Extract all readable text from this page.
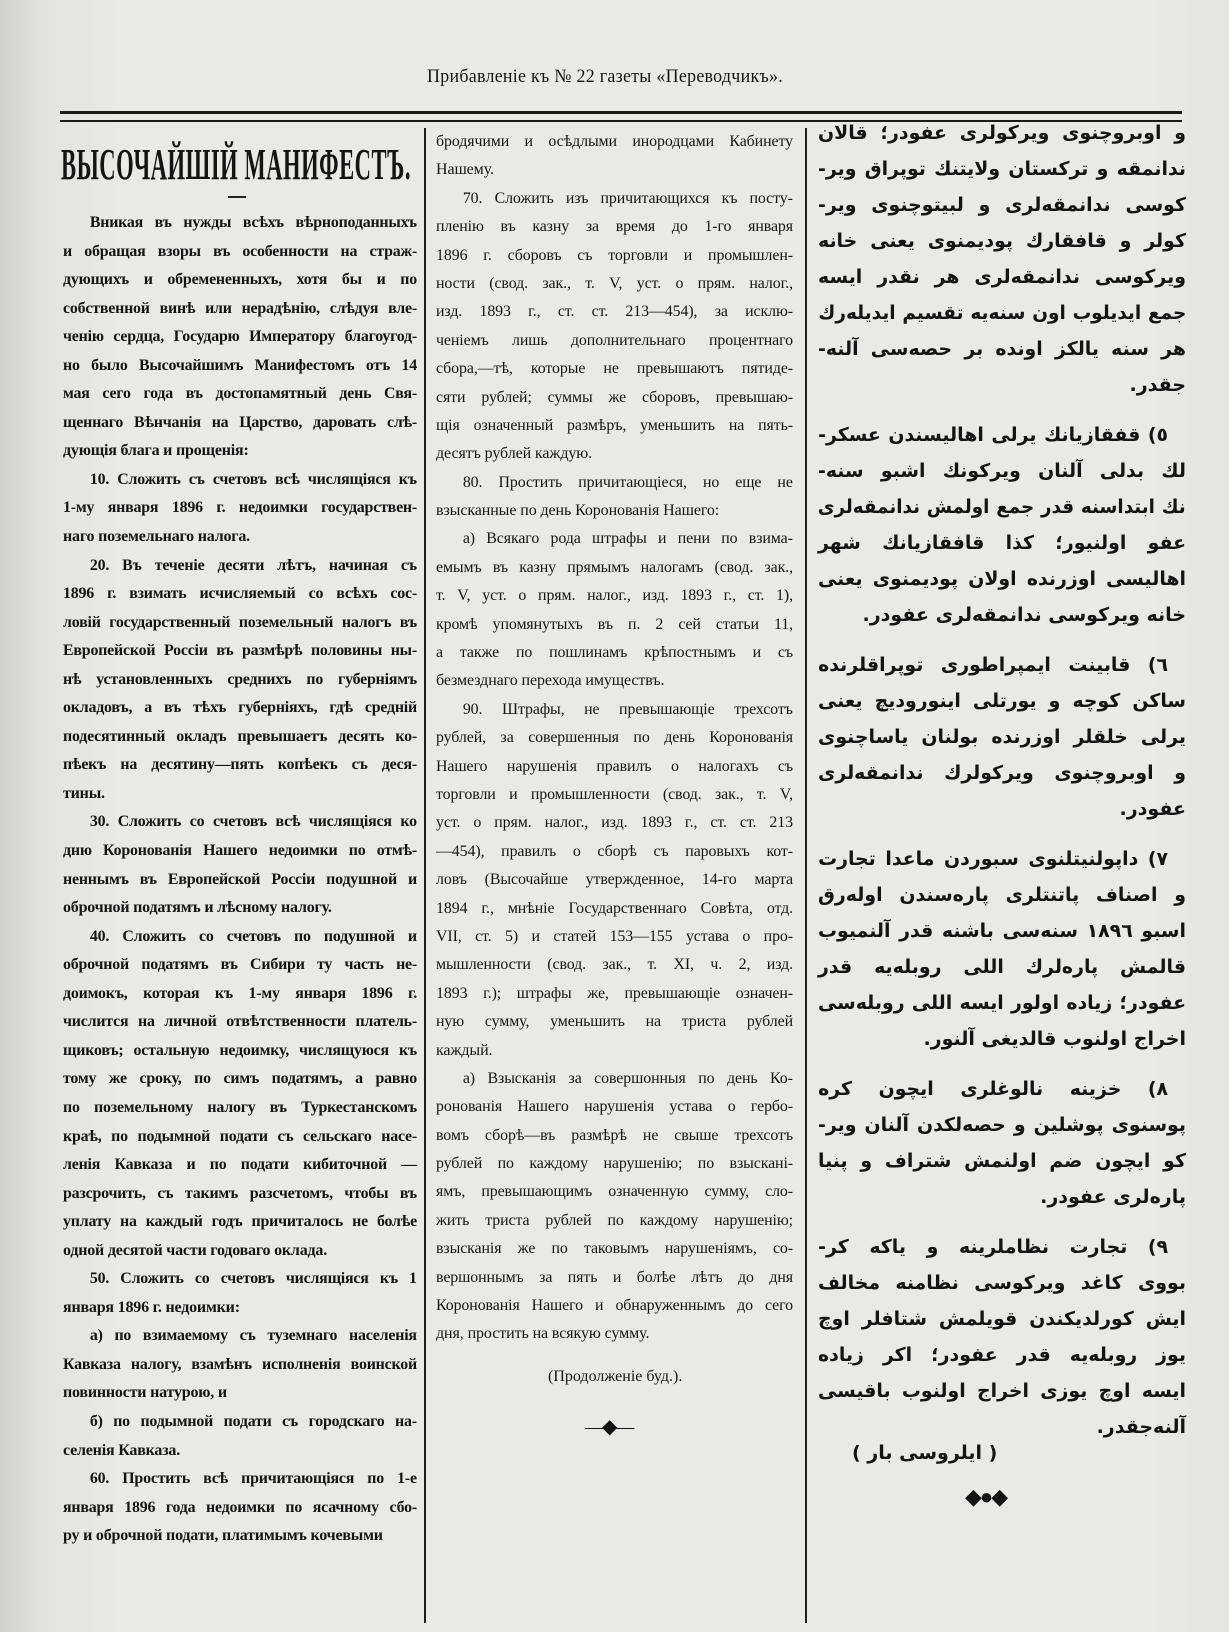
Прибавленіе къ № 22 газеты «Переводчикъ».
ВЫСОЧАЙШІЙ МАНИФЕСТЪ.
Вникая въ нужды всѣхъ вѣрноподанныхъ
и обращая взоры въ особенности на страж-
дующихъ и обремененныхъ, хотя бы и по
собственной винѣ или нерадѣнію, слѣдуя вле-
ченію сердца, Государю Императору благоугод-
но было Высочайшимъ Манифестомъ отъ 14
мая сего года въ достопамятный день Свя-
щеннаго Вѣнчанія на Царство, даровать слѣ-
дующія блага и прощенія:
10. Сложить съ счетовъ всѣ числящіяся къ
1-му января 1896 г. недоимки государствен-
наго поземельнаго налога.
20. Въ теченіе десяти лѣтъ, начиная съ
1896 г. взимать исчисляемый со всѣхъ сос-
ловій государственный поземельный налогъ въ
Европейской Россіи въ размѣрѣ половины ны-
нѣ установленныхъ среднихъ по губерніямъ
окладовъ, а въ тѣхъ губерніяхъ, гдѣ средній
подесятинный окладъ превышаетъ десять ко-
пѣекъ на десятину—пять копѣекъ съ деся-
тины.
30. Сложить со счетовъ всѣ числящіяся ко
дню Коронованія Нашего недоимки по отмѣ-
неннымъ въ Европейской Россіи подушной и
оброчной податямъ и лѣсному налогу.
40. Сложить со счетовъ по подушной и
оброчной податямъ въ Сибири ту часть не-
доимокъ, которая къ 1-му января 1896 г.
числится на личной отвѣтственности платель-
щиковъ; остальную недоимку, числящуюся къ
тому же сроку, по симъ податямъ, а равно
по поземельному налогу въ Туркестанскомъ
краѣ, по подымной подати съ сельскаго насе-
ленія Кавказа и по подати кибиточной —
разсрочить, съ такимъ разсчетомъ, чтобы въ
уплату на каждый годъ причиталось не болѣе
одной десятой части годоваго оклада.
50. Сложить со счетовъ числящіяся къ 1
января 1896 г. недоимки:
а) по взимаемому съ туземнаго населенія
Кавказа налогу, взамѣнъ исполненія воинской
повинности натурою, и
б) по подымной подати съ городскаго на-
селенія Кавказа.
60. Простить всѣ причитающіяся по 1-е
января 1896 года недоимки по ясачному сбо-
ру и оброчной подати, платимымъ кочевыми
бродячими и осѣдлыми инородцами Кабинету
Нашему.
70. Сложить изъ причитающихся къ посту-
пленію въ казну за время до 1-го января
1896 г. сборовъ съ торговли и промышлен-
ности (свод. зак., т. V, уст. о прям. налог.,
изд. 1893 г., ст. ст. 213—454), за исклю-
ченіемъ лишь дополнительнаго процентнаго
сбора,—тѣ, которые не превышаютъ пятиде-
сяти рублей; суммы же сборовъ, превышаю-
щія означенный размѣръ, уменьшить на пять-
десятъ рублей каждую.
80. Простить причитающіеся, но еще не
взысканные по день Коронованія Нашего:
а) Всякаго рода штрафы и пени по взима-
емымъ въ казну прямымъ налогамъ (свод. зак.,
т. V, уст. о прям. налог., изд. 1893 г., ст. 1),
кромѣ упомянутыхъ въ п. 2 сей статьи 11,
а также по пошлинамъ крѣпостнымъ и съ
безмезднаго перехода имуществъ.
90. Штрафы, не превышающіе трехсотъ
рублей, за совершенныя по день Коронованія
Нашего нарушенія правилъ о налогахъ съ
торговли и промышленности (свод. зак., т. V,
уст. о прям. налог., изд. 1893 г., ст. ст. 213
—454), правилъ о сборѣ съ паровыхъ кот-
ловъ (Высочайше утвержденное, 14-го марта
1894 г., мнѣніе Государственнаго Совѣта, отд.
VII, ст. 5) и статей 153—155 устава о про-
мышленности (свод. зак., т. XI, ч. 2, изд.
1893 г.); штрафы же, превышающіе означен-
ную сумму, уменьшить на триста рублей
каждый.
а) Взысканія за совершонныя по день Ко-
ронованія Нашего нарушенія устава о гербо-
вомъ сборѣ—въ размѣрѣ не свыше трехсотъ
рублей по каждому нарушенію; по взыскані-
ямъ, превышающимъ означенную сумму, сло-
жить триста рублей по каждому нарушенію;
взысканія же по таковымъ нарушеніямъ, со-
вершоннымъ за пять и болѣе лѣтъ до дня
Коронованія Нашего и обнаруженнымъ до сего
дня, простить на всякую сумму.
و اوبروچنوی ویرکولری عفودر؛ قالان
ندانمقه و ترکستان ولایتنك توپراق ویر-
کوسی ندانمقەلری و لبیتوچنوی ویر-
کولر و قافقارك پودیمنوی یعنی خانه
ویرکوسی ندانمقەلری هر نقدر ایسه
جمع ایدیلوب اون سنەیه تقسیم ایدیلەرك
هر سنه یالکز اونده بر حصەسی آلنه-
جقدر.
٥) قفقازیانك یرلی اهالیسندن عسکر-
لك بدلی آلنان ویرکونك اشبو سنه-
نك ابتداسنه قدر جمع اولمش ندانمقەلری
عفو اولنیور؛ کذا قافقازیانك شهر
اهالیسی اوزرنده اولان پودیمنوی یعنی
خانه ویرکوسی ندانمقەلری عفودر.
٦) قابینت ایمپراطوری توپراقلرنده
ساکن کوچه و یورتلی اینورودیچ یعنی
یرلی خلقلر اوزرنده بولنان یاساچنوی
و اوبروچنوی ویرکولرك ندانمقەلری
عفودر.
٧) داپولنیتلنوی سبوردن ماعدا تجارت
و اصناف پاتنتلری پارەسندن اولەرق
اسبو ١٨٩٦ سنەسی باشنه قدر آلنمیوب
قالمش پارەلرك اللی روبلەیه قدر
عفودر؛ زیاده اولور ایسه اللی روبلەسی
اخراج اولنوب قالدیغی آلنور.
٨) خزینه نالوغلری ایچون کره
پوسنوی پوشلین و حصەلکدن آلنان ویر-
کو ایچون ضم اولنمش شتراف و پنیا
پارەلری عفودر.
٩) تجارت نظاملرینه و یاکه کر-
بووی کاغد ویرکوسی نظامنه مخالف
ایش کورلدیکندن قویلمش شتافلر اوچ
یوز روبلەیه قدر عفودر؛ اکر زیاده
ایسه اوچ یوزی اخراج اولنوب باقیسی
آلنەجقدر.
(Продолженіе буд.).
—◆—
( ایلروسی بار )
◆●◆
